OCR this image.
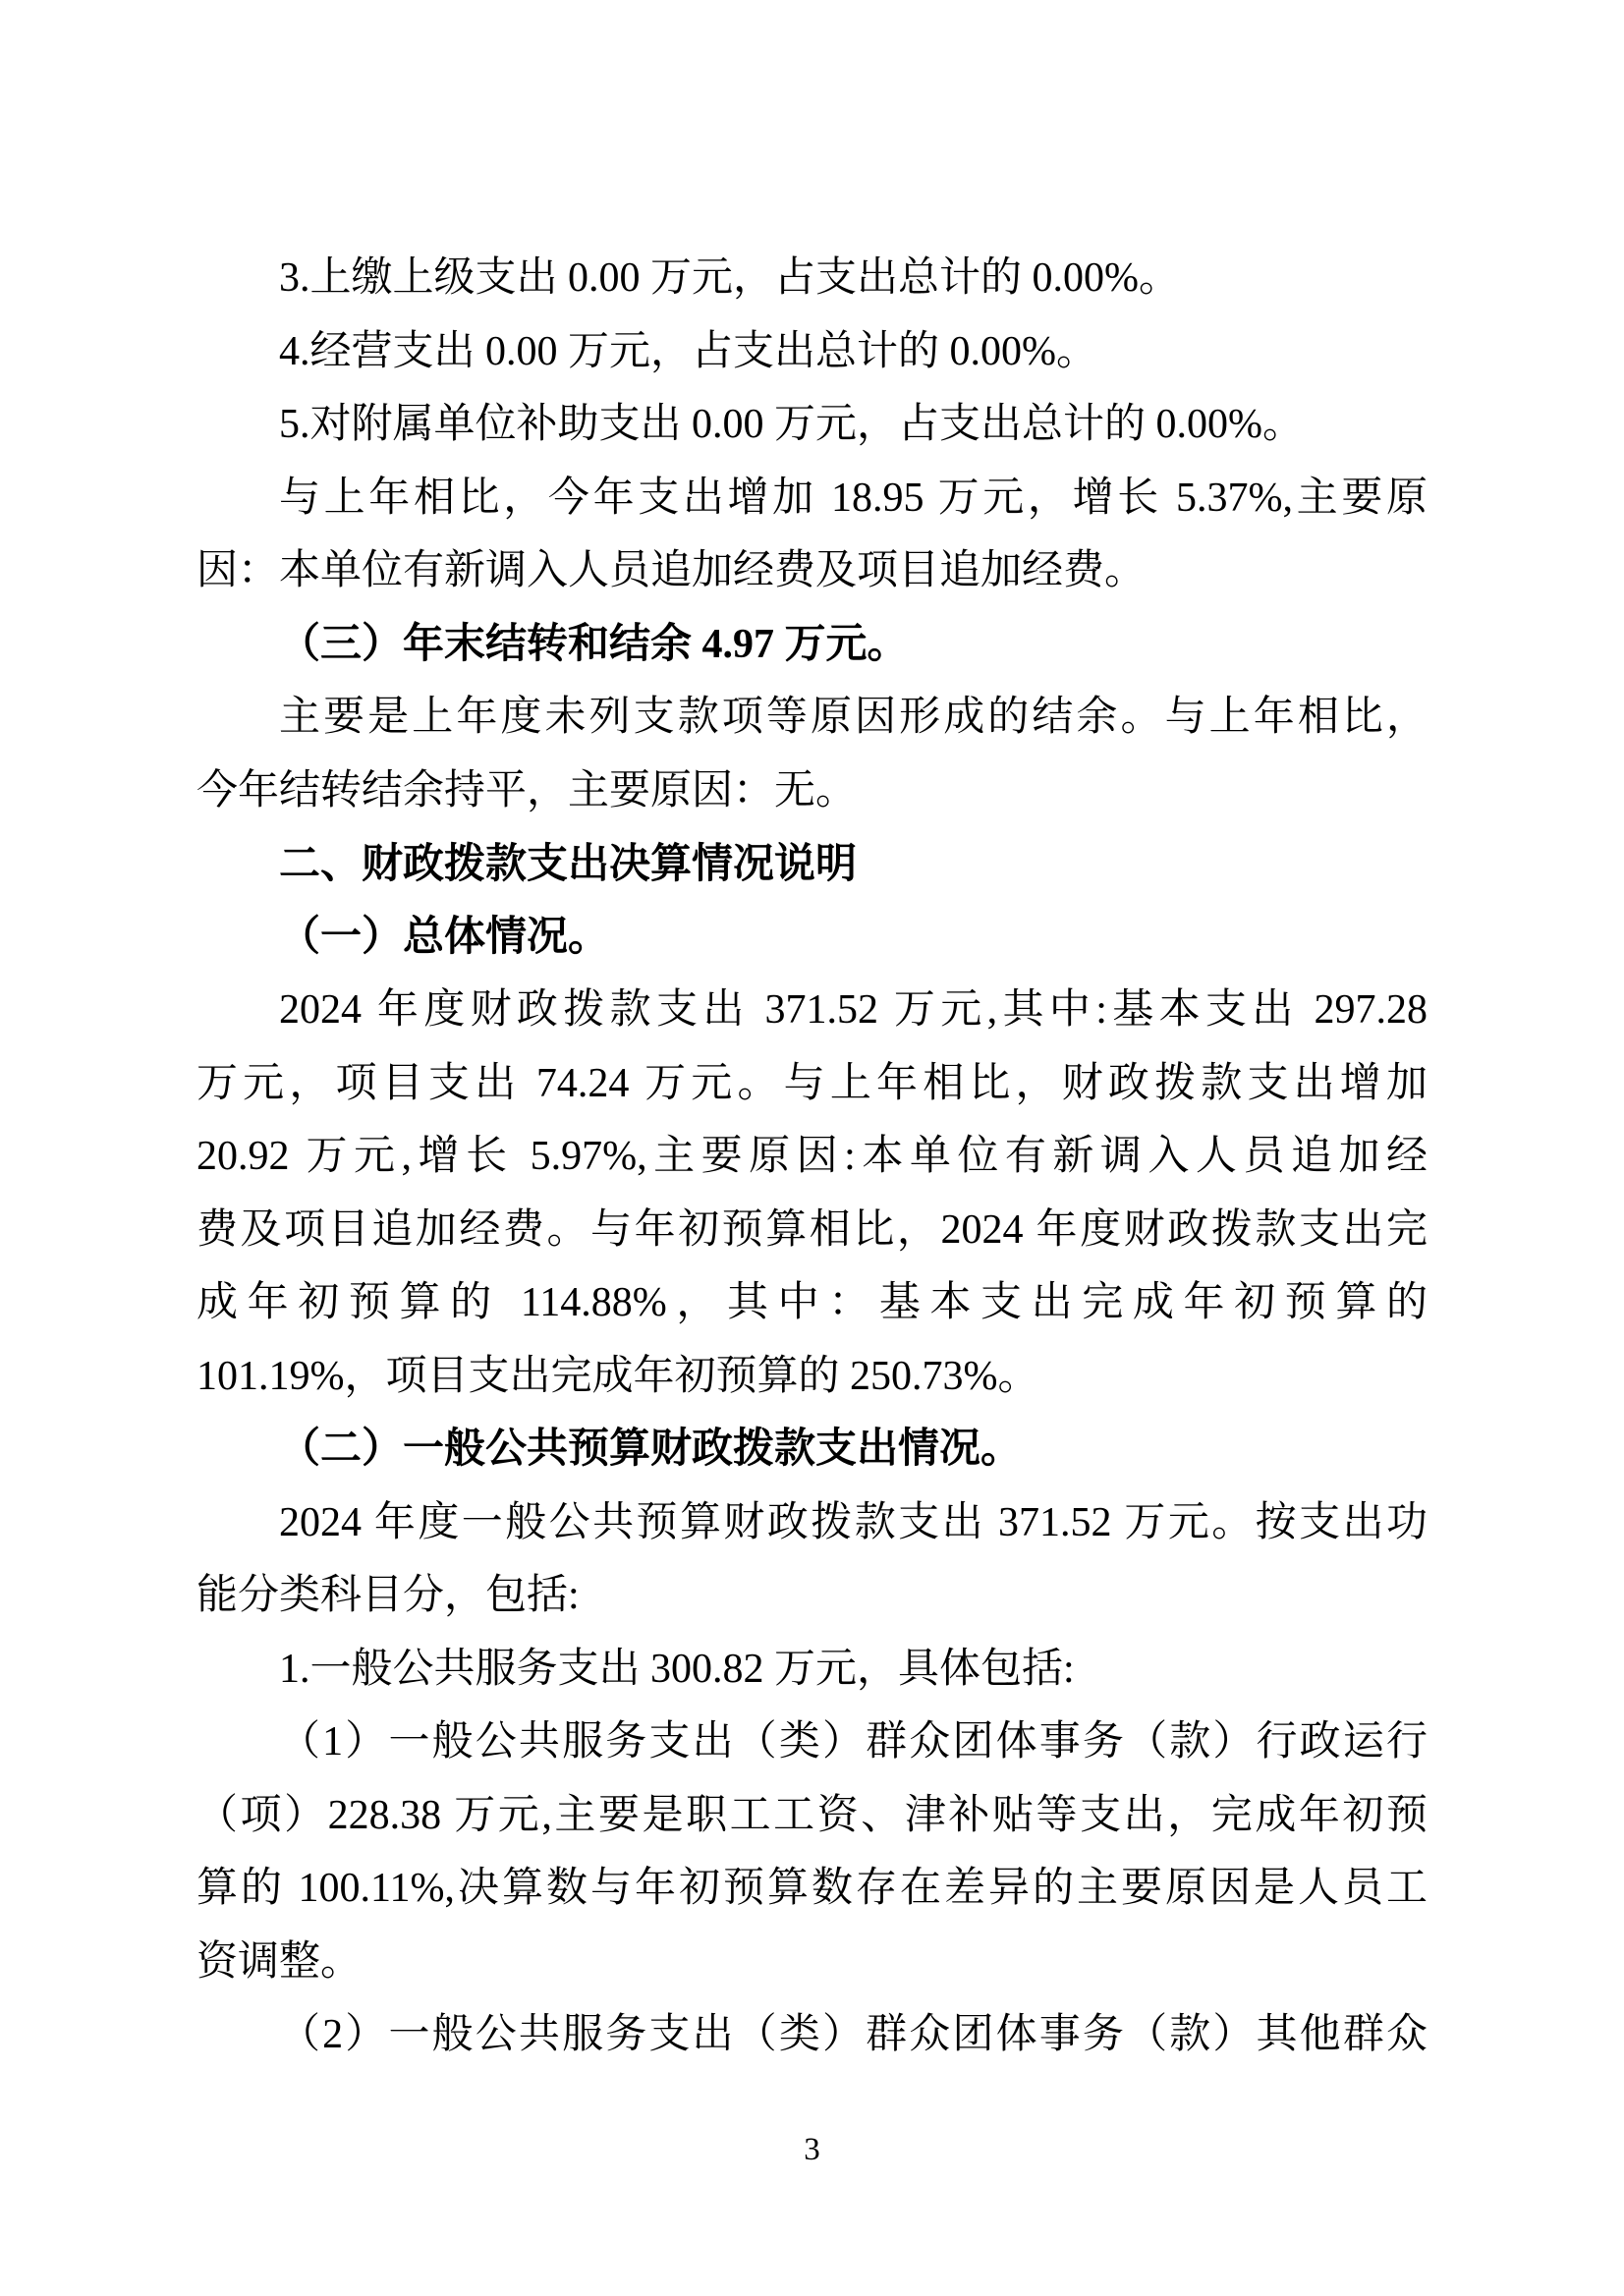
3.上缴上级支出 0.00 万元，占支出总计的 0.00%。
4.经营支出 0.00 万元，占支出总计的 0.00%。
5.对附属单位补助支出 0.00 万元，占支出总计的 0.00%。
与上年相比，今年支出增加 18.95 万元，增长 5.37%,主要原
因：本单位有新调入人员追加经费及项目追加经费。
（三）年末结转和结余 4.97 万元。
主要是上年度未列支款项等原因形成的结余。与上年相比，
今年结转结余持平，主要原因：无。
二、财政拨款支出决算情况说明
（一）总体情况。
2024 年度财政拨款支出 371.52 万元,其中:基本支出 297.28
万元，项目支出 74.24 万元。与上年相比，财政拨款支出增加
20.92 万元,增长 5.97%,主要原因:本单位有新调入人员追加经
费及项目追加经费。与年初预算相比，2024 年度财政拨款支出完
成年初预算的 114.88%，其中：基本支出完成年初预算的
101.19%，项目支出完成年初预算的 250.73%。
（二）一般公共预算财政拨款支出情况。
2024 年度一般公共预算财政拨款支出 371.52 万元。按支出功
能分类科目分，包括:
1.一般公共服务支出 300.82 万元，具体包括:
（1）一般公共服务支出（类）群众团体事务（款）行政运行
（项）228.38 万元,主要是职工工资、津补贴等支出，完成年初预
算的 100.11%,决算数与年初预算数存在差异的主要原因是人员工
资调整。
（2）一般公共服务支出（类）群众团体事务（款）其他群众
3
